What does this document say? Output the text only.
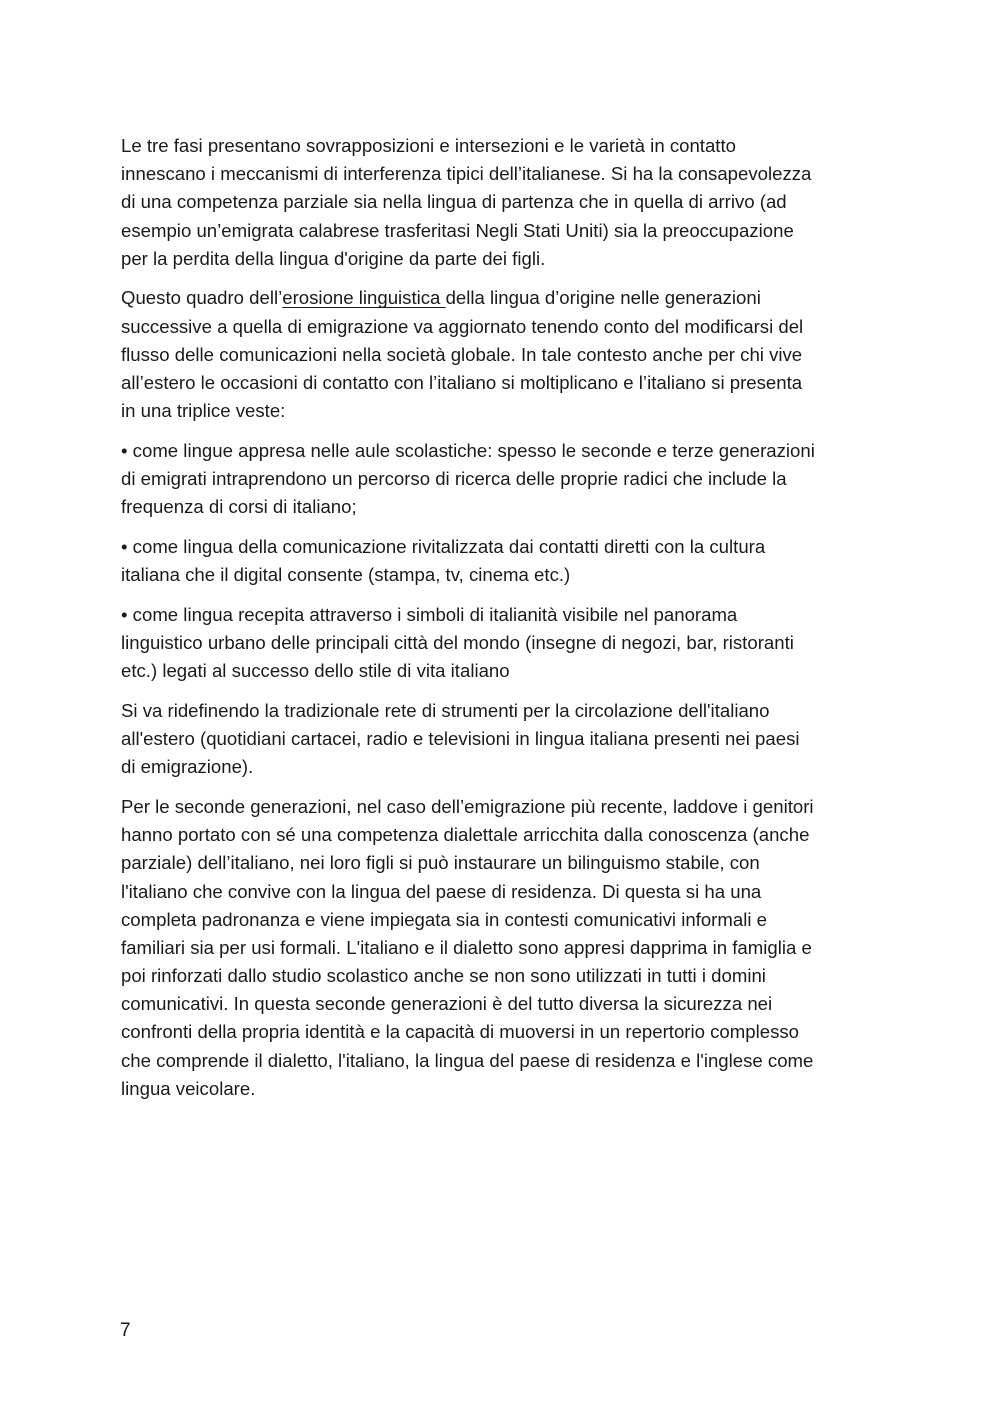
Le tre fasi presentano sovrapposizioni e intersezioni e le varietà in contatto
innescano i meccanismi di interferenza tipici dell’italianese. Si ha la consapevolezza
di una competenza parziale sia nella lingua di partenza che in quella di arrivo (ad
esempio un’emigrata calabrese trasferitasi Negli Stati Uniti) sia la preoccupazione
per la perdita della lingua d'origine da parte dei figli.

Questo quadro dell’erosione linguistica della lingua d’origine nelle generazioni
successive a quella di emigrazione va aggiornato tenendo conto del modificarsi del
flusso delle comunicazioni nella società globale. In tale contesto anche per chi vive
all’estero le occasioni di contatto con l’italiano si moltiplicano e l’italiano si presenta
in una triplice veste:

• come lingue appresa nelle aule scolastiche: spesso le seconde e terze generazioni
di emigrati intraprendono un percorso di ricerca delle proprie radici che include la
frequenza di corsi di italiano;

• come lingua della comunicazione rivitalizzata dai contatti diretti con la cultura
italiana che il digital consente (stampa, tv, cinema etc.)

• come lingua recepita attraverso i simboli di italianità visibile nel panorama
linguistico urbano delle principali città del mondo (insegne di negozi, bar, ristoranti
etc.) legati al successo dello stile di vita italiano

Si va ridefinendo la tradizionale rete di strumenti per la circolazione dell'italiano
all'estero (quotidiani cartacei, radio e televisioni in lingua italiana presenti nei paesi
di emigrazione).

Per le seconde generazioni, nel caso dell’emigrazione più recente, laddove i genitori
hanno portato con sé una competenza dialettale arricchita dalla conoscenza (anche
parziale) dell’italiano, nei loro figli si può instaurare un bilinguismo stabile, con
l'italiano che convive con la lingua del paese di residenza. Di questa si ha una
completa padronanza e viene impiegata sia in contesti comunicativi informali e
familiari sia per usi formali. L'italiano e il dialetto sono appresi dapprima in famiglia e
poi rinforzati dallo studio scolastico anche se non sono utilizzati in tutti i domini
comunicativi. In questa seconde generazioni è del tutto diversa la sicurezza nei
confronti della propria identità e la capacità di muoversi in un repertorio complesso
che comprende il dialetto, l'italiano, la lingua del paese di residenza e l'inglese come
lingua veicolare.

7
